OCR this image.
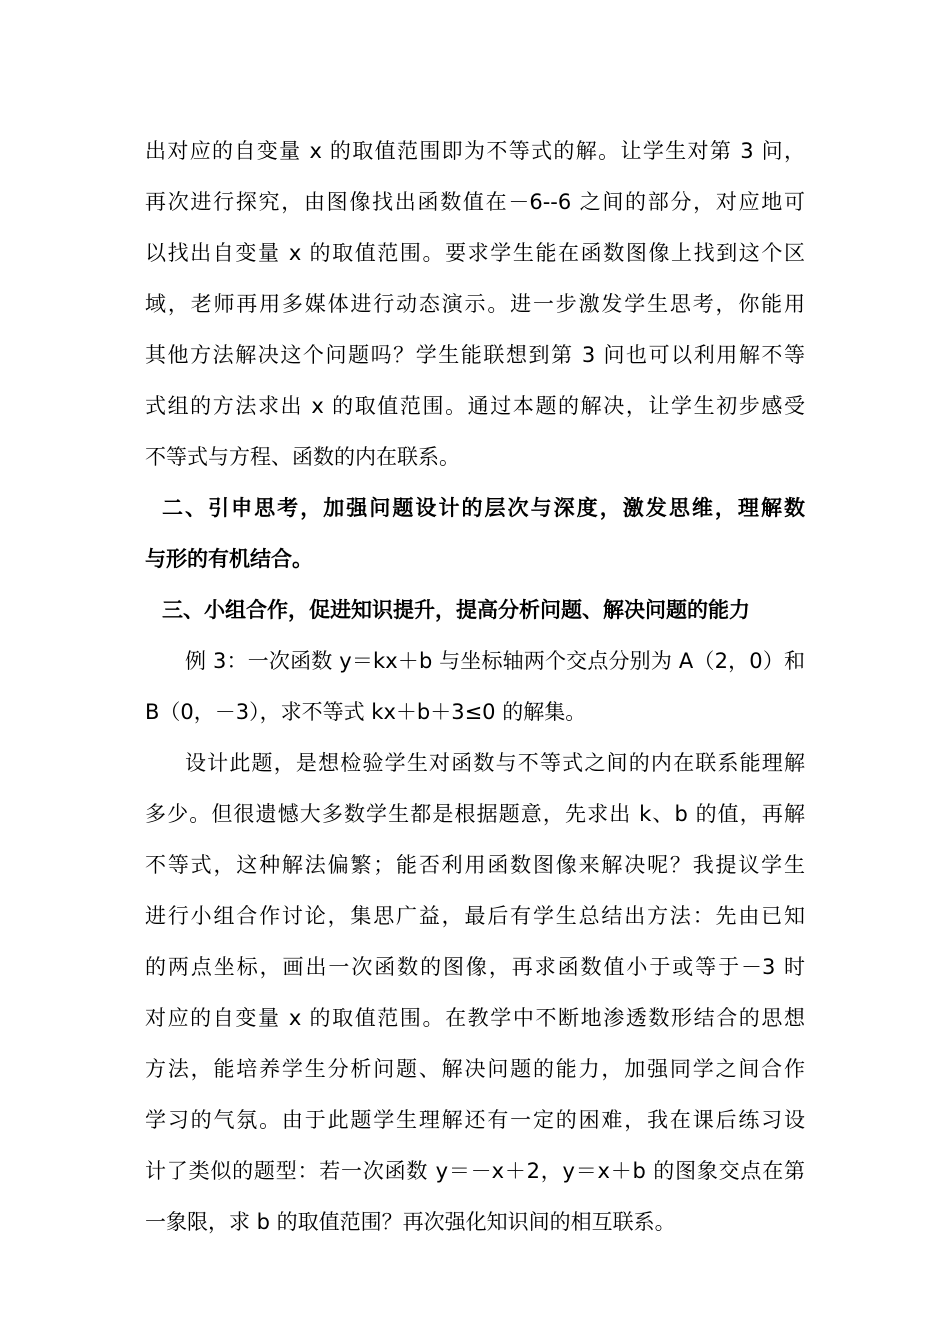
出对应的自变量 x 的取值范围即为不等式的解。让学生对第 3 问，
再次进行探究，由图像找出函数值在－6--6 之间的部分，对应地可
以找出自变量 x 的取值范围。要求学生能在函数图像上找到这个区
域，老师再用多媒体进行动态演示。进一步激发学生思考，你能用
其他方法解决这个问题吗？学生能联想到第 3 问也可以利用解不等
式组的方法求出 x 的取值范围。通过本题的解决，让学生初步感受
不等式与方程、函数的内在联系。
二、引申思考，加强问题设计的层次与深度，激发思维，理解数
与形的有机结合。
三、小组合作，促进知识提升，提高分析问题、解决问题的能力
例 3：一次函数 y＝kx＋b 与坐标轴两个交点分别为 A（2，0）和
B（0，－3），求不等式 kx＋b＋3≤0 的解集。
设计此题，是想检验学生对函数与不等式之间的内在联系能理解
多少。但很遗憾大多数学生都是根据题意，先求出 k、b 的值，再解
不等式，这种解法偏繁；能否利用函数图像来解决呢？我提议学生
进行小组合作讨论，集思广益，最后有学生总结出方法：先由已知
的两点坐标，画出一次函数的图像，再求函数值小于或等于－3 时
对应的自变量 x 的取值范围。在教学中不断地渗透数形结合的思想
方法，能培养学生分析问题、解决问题的能力，加强同学之间合作
学习的气氛。由于此题学生理解还有一定的困难，我在课后练习设
计了类似的题型：若一次函数 y＝－x＋2，y＝x＋b 的图象交点在第
一象限，求 b 的取值范围？再次强化知识间的相互联系。
